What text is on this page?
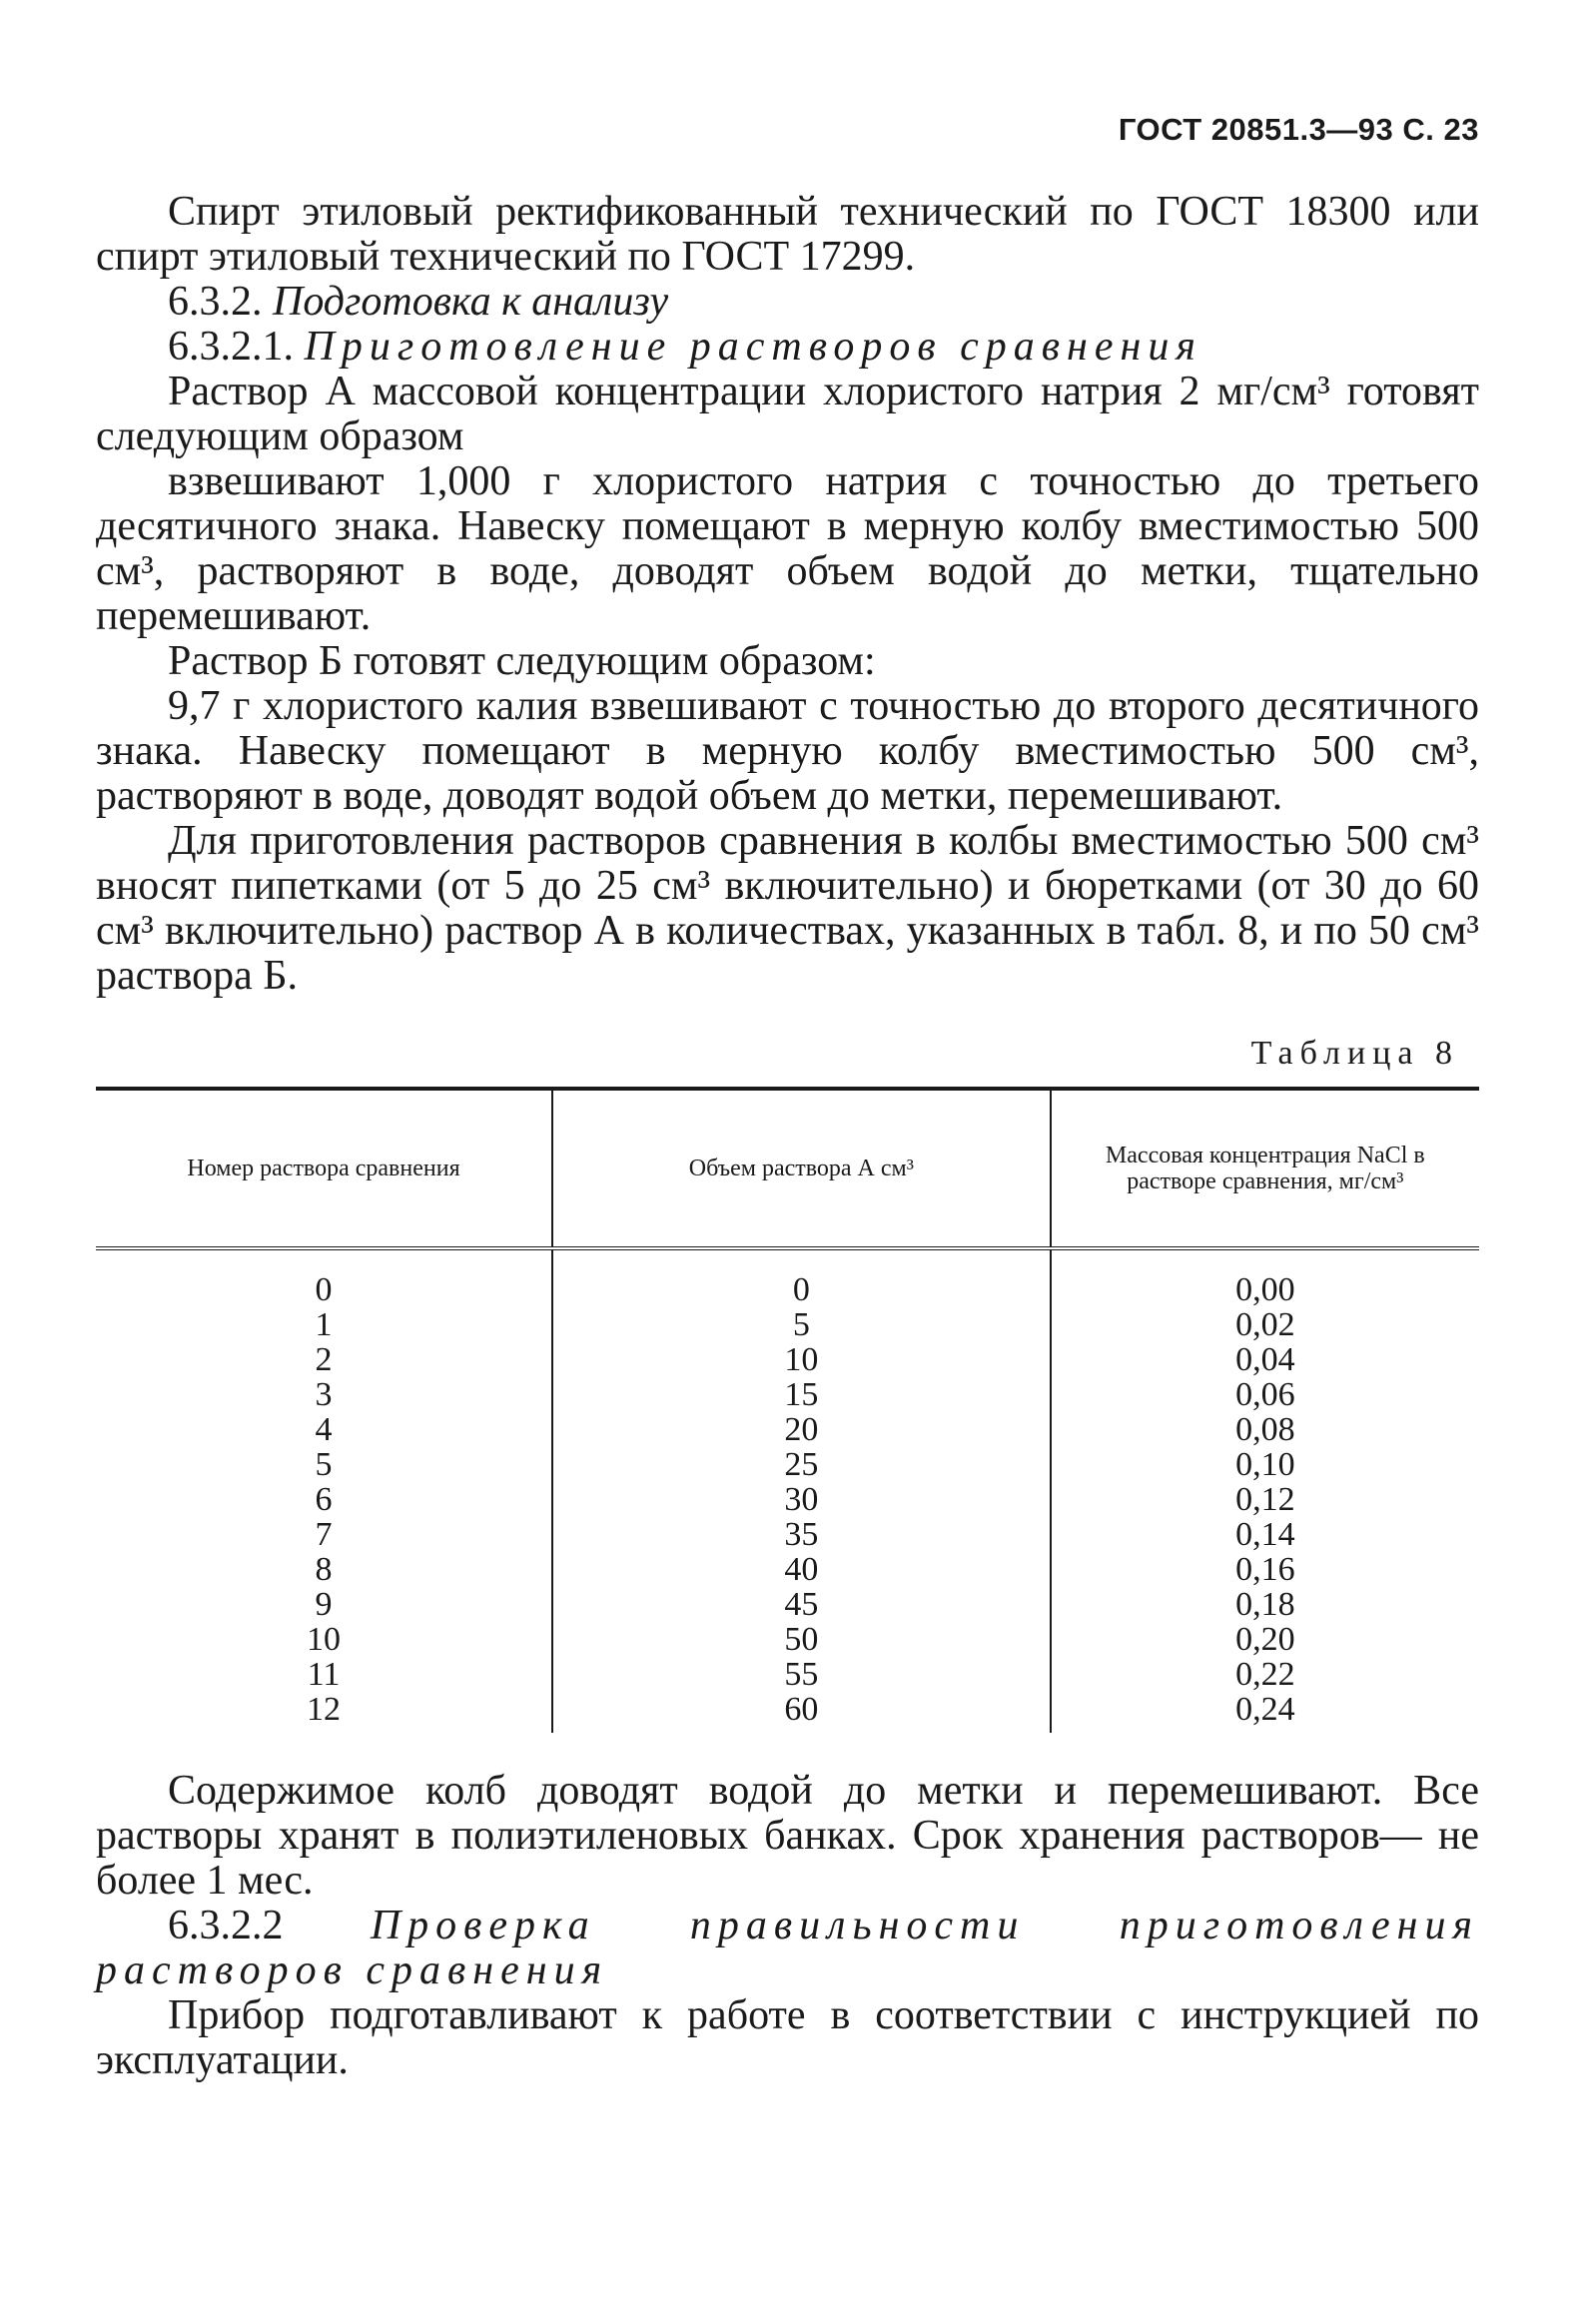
ГОСТ 20851.3—93 С. 23

Спирт этиловый ректификованный технический по ГОСТ 18300 или спирт этиловый технический по ГОСТ 17299.

6.3.2. Подготовка к анализу

6.3.2.1. Приготовление растворов сравнения

Раствор А массовой концентрации хлористого натрия 2 мг/см³ готовят следующим образом

взвешивают 1,000 г хлористого натрия с точностью до третьего десятичного знака. Навеску помещают в мерную колбу вместимостью 500 см³, растворяют в воде, доводят объем водой до метки, тщательно перемешивают.

Раствор Б готовят следующим образом:

9,7 г хлористого калия взвешивают с точностью до второго десятичного знака. Навеску помещают в мерную колбу вместимостью 500 см³, растворяют в воде, доводят водой объем до метки, перемешивают.

Для приготовления растворов сравнения в колбы вместимостью 500 см³ вносят пипетками (от 5 до 25 см³ включительно) и бюретками (от 30 до 60 см³ включительно) раствор А в количествах, указанных в табл. 8, и по 50 см³ раствора Б.

Таблица 8
Номер раствора сравнения	Объем раствора А см³	Массовая концентрация NaCl в растворе сравнения, мг/см³
0	0	0,00
1	5	0,02
2	10	0,04
3	15	0,06
4	20	0,08
5	25	0,10
6	30	0,12
7	35	0,14
8	40	0,16
9	45	0,18
10	50	0,20
11	55	0,22
12	60	0,24

Содержимое колб доводят водой до метки и перемешивают. Все растворы хранят в полиэтиленовых банках. Срок хранения растворов— не более 1 мес.

6.3.2.2 Проверка правильности приготовления растворов сравнения

Прибор подготавливают к работе в соответствии с инструкцией по эксплуатации.
